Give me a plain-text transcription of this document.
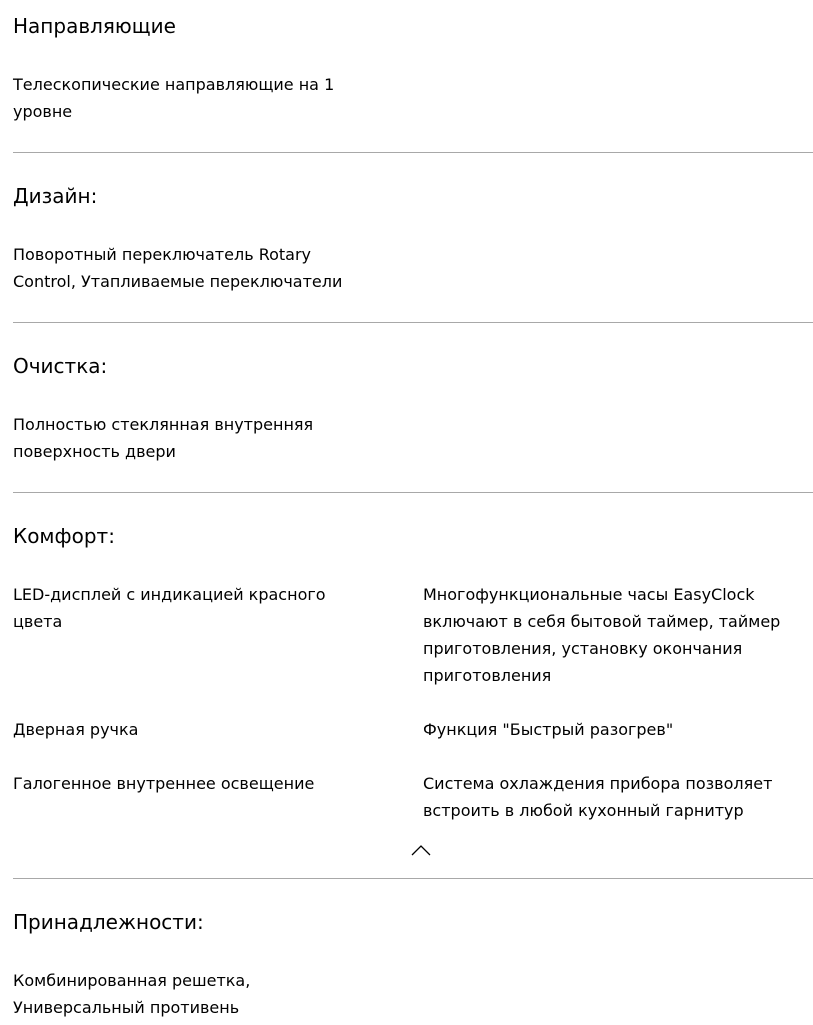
Направляющие

Телескопические направляющие на 1 уровне

Дизайн:

Поворотный переключатель Rotary Control, Утапливаемые переключатели

Очистка:

Полностью стеклянная внутренняя поверхность двери

Комфорт:

LED-дисплей с индикацией красного цвета

Многофункциональные часы EasyClock включают в себя бытовой таймер, таймер приготовления, установку окончания приготовления

Дверная ручка	Функция "Быстрый разогрев"

Галогенное внутреннее освещение	Система охлаждения прибора позволяет встроить в любой кухонный гарнитур

Принадлежности:

Комбинированная решетка, Универсальный противень
